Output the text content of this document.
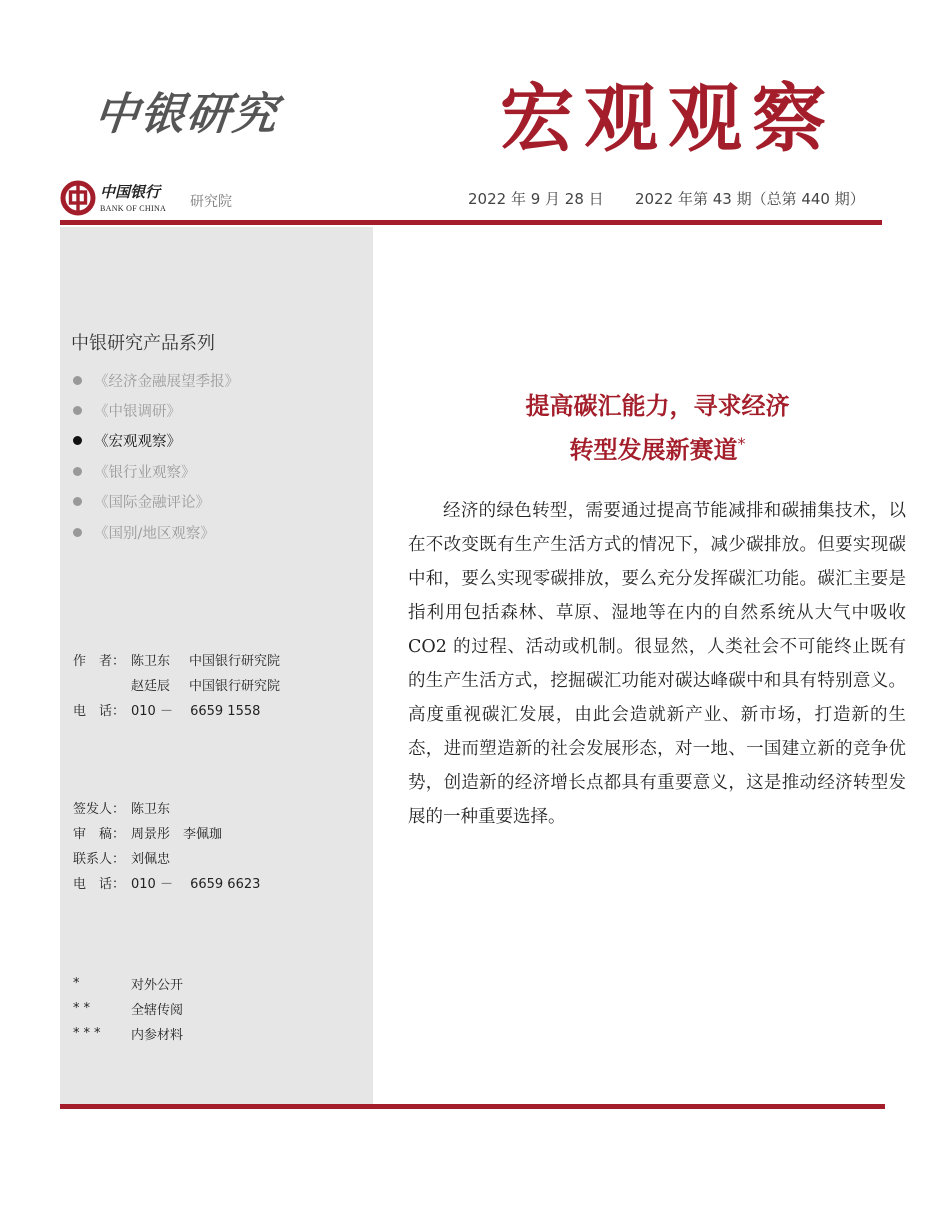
中银研究	宏观观察
中国银行
BANK OF CHINA 研究院	2022 年 9 月 28 日 2022 年第 43 期（总第 440 期）
中银研究产品系列
《经济金融展望季报》
《中银调研》
《宏观观察》
《银行业观察》
《国际金融评论》
《国别/地区观察》
作　者： 陈卫东 中国银行研究院
赵廷辰 中国银行研究院
电　话： 010 －　 6659 1558
签发人： 陈卫东
审　稿： 周景彤　李佩珈
联系人： 刘佩忠
电　话： 010 －　 6659 6623
*	对外公开
**	全辖传阅
***	内参材料
提高碳汇能力，寻求经济
转型发展新赛道*

经济的绿色转型，需要通过提高节能减排和碳捕集技术，以在不改变既有生产生活方式的情况下，减少碳排放。但要实现碳中和，要么实现零碳排放，要么充分发挥碳汇功能。碳汇主要是指利用包括森林、草原、湿地等在内的自然系统从大气中吸收 CO2 的过程、活动或机制。很显然，人类社会不可能终止既有的生产生活方式，挖掘碳汇功能对碳达峰碳中和具有特别意义。高度重视碳汇发展，由此会造就新产业、新市场，打造新的生态，进而塑造新的社会发展形态，对一地、一国建立新的竞争优势，创造新的经济增长点都具有重要意义，这是推动经济转型发展的一种重要选择。
